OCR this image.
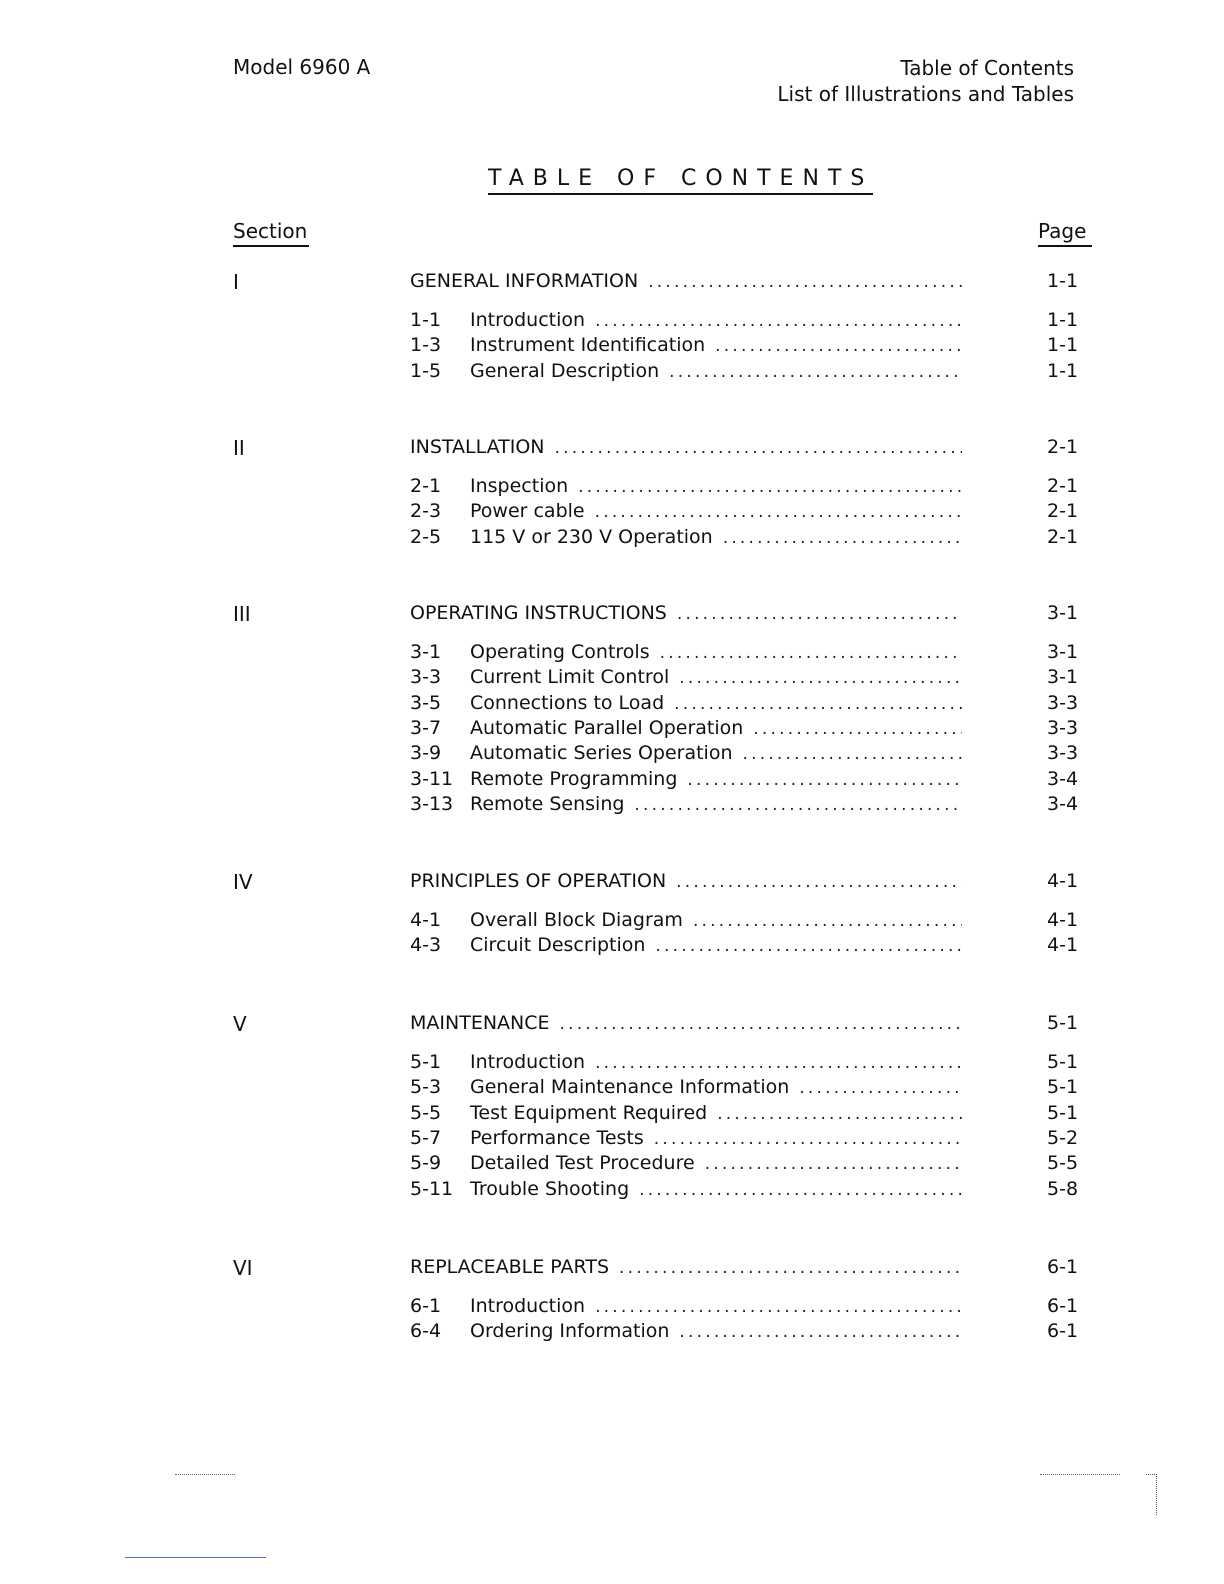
Model 6960 A	Table of Contents
List of Illustrations and Tables
TABLE OF CONTENTS
Section	Page
I	GENERAL INFORMATION .....	1-1
1-1	Introduction .....	1-1
1-3	Instrument Identification .....	1-1
1-5	General Description .....	1-1
II	INSTALLATION .....	2-1
2-1	Inspection .....	2-1
2-3	Power cable .....	2-1
2-5	115 V or 230 V Operation .....	2-1
III	OPERATING INSTRUCTIONS .....	3-1
3-1	Operating Controls .....	3-1
3-3	Current Limit Control .....	3-1
3-5	Connections to Load .....	3-3
3-7	Automatic Parallel Operation .....	3-3
3-9	Automatic Series Operation .....	3-3
3-11 Remote Programming .....	3-4
3-13 Remote Sensing .....	3-4
IV	PRINCIPLES OF OPERATION .....	4-1
4-1	Overall Block Diagram .....	4-1
4-3	Circuit Description .....	4-1
V	MAINTENANCE .....	5-1
5-1	Introduction .....	5-1
5-3	General Maintenance Information .....	5-1
5-5	Test Equipment Required .....	5-1
5-7	Performance Tests .....	5-2
5-9	Detailed Test Procedure .....	5-5
5-11 Trouble Shooting .....	5-8
VI	REPLACEABLE PARTS .....	6-1
6-1	Introduction .....	6-1
6-4	Ordering Information .....	6-1
